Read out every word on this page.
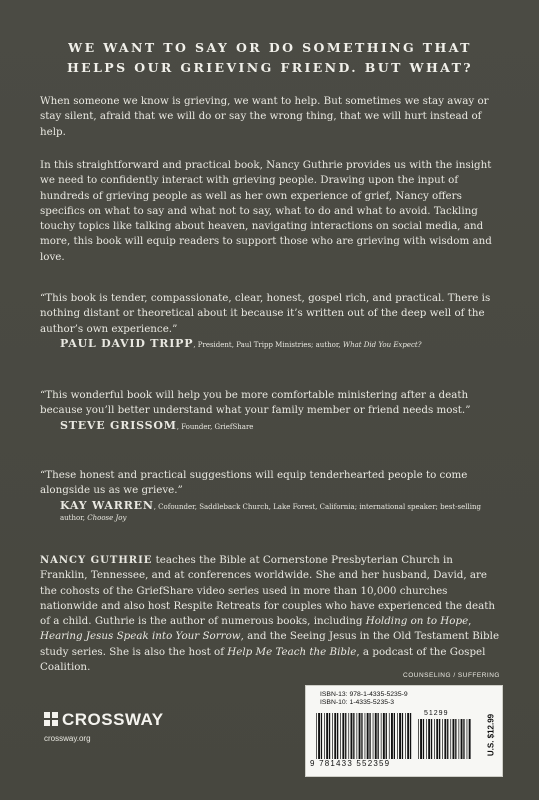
WE WANT TO SAY OR DO SOMETHING THAT HELPS OUR GRIEVING FRIEND. BUT WHAT?
When someone we know is grieving, we want to help. But sometimes we stay away or stay silent, afraid that we will do or say the wrong thing, that we will hurt instead of help.
In this straightforward and practical book, Nancy Guthrie provides us with the insight we need to confidently interact with grieving people. Drawing upon the input of hundreds of grieving people as well as her own experience of grief, Nancy offers specifics on what to say and what not to say, what to do and what to avoid. Tackling touchy topics like talking about heaven, navigating interactions on social media, and more, this book will equip readers to support those who are grieving with wisdom and love.
“This book is tender, compassionate, clear, honest, gospel rich, and practical. There is nothing distant or theoretical about it because it’s written out of the deep well of the author’s own experience.”
PAUL DAVID TRIPP, President, Paul Tripp Ministries; author, What Did You Expect?
“This wonderful book will help you be more comfortable ministering after a death because you’ll better understand what your family member or friend needs most.”
STEVE GRISSOM, Founder, GriefShare
“These honest and practical suggestions will equip tenderhearted people to come alongside us as we grieve.”
KAY WARREN, Cofounder, Saddleback Church, Lake Forest, California; international speaker; best-selling author, Choose Joy
NANCY GUTHRIE teaches the Bible at Cornerstone Presbyterian Church in Franklin, Tennessee, and at conferences worldwide. She and her husband, David, are the cohosts of the GriefShare video series used in more than 10,000 churches nationwide and also host Respite Retreats for couples who have experienced the death of a child. Guthrie is the author of numerous books, including Holding on to Hope, Hearing Jesus Speak into Your Sorrow, and the Seeing Jesus in the Old Testament Bible study series. She is also the host of Help Me Teach the Bible, a podcast of the Gospel Coalition.
COUNSELING / SUFFERING
CROSSWAY
crossway.org
ISBN-13: 978-1-4335-5235-9
ISBN-10: 1-4335-5235-3
51299
9 781433 552359
U.S. $12.99
